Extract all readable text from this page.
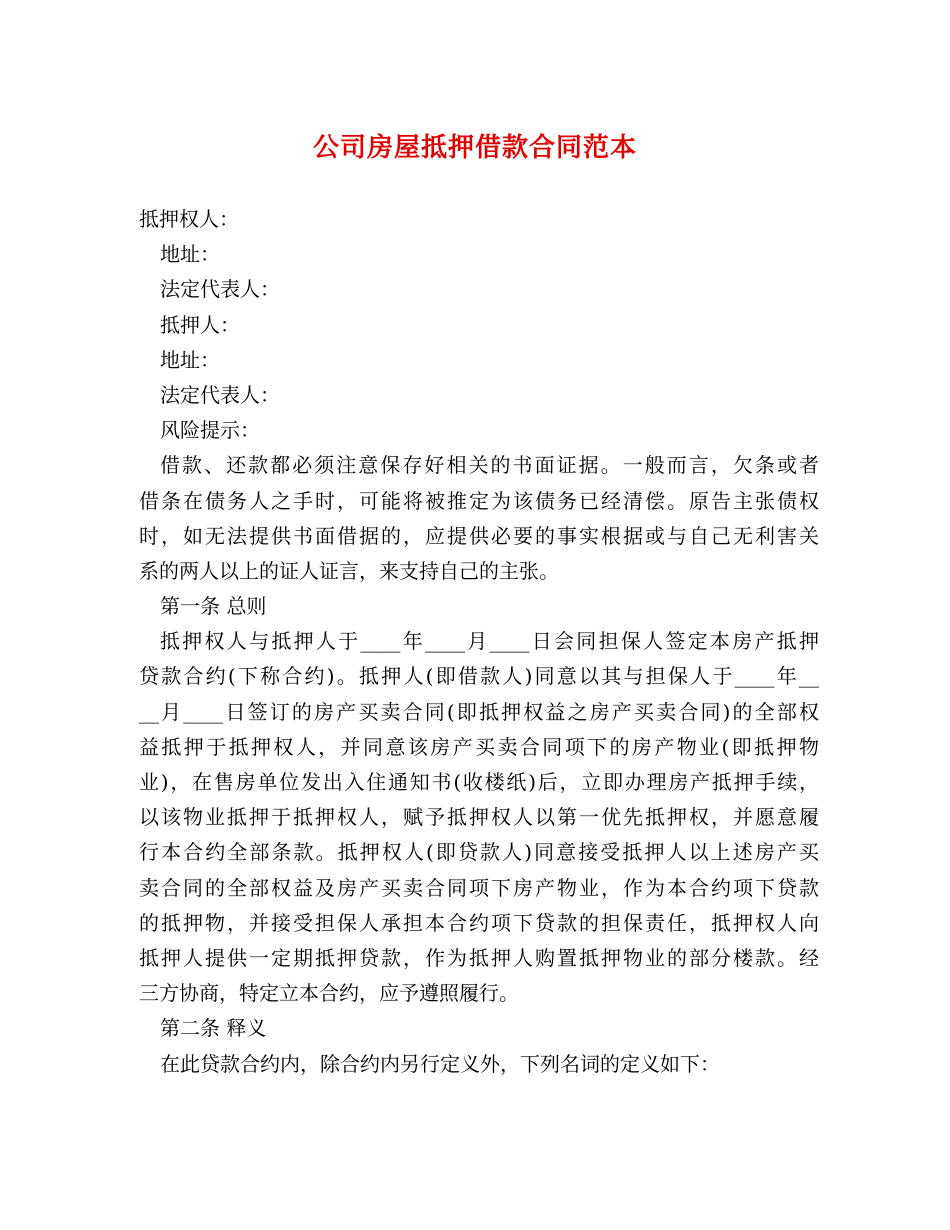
公司房屋抵押借款合同范本
抵押权人：
地址：
法定代表人：
抵押人：
地址：
法定代表人：
风险提示：
借款、还款都必须注意保存好相关的书面证据。一般而言，欠条或者
借条在债务人之手时，可能将被推定为该债务已经清偿。原告主张债权
时，如无法提供书面借据的，应提供必要的事实根据或与自己无利害关
系的两人以上的证人证言，来支持自己的主张。
第一条 总则
抵押权人与抵押人于____年____月____日会同担保人签定本房产抵押
贷款合约(下称合约)。抵押人(即借款人)同意以其与担保人于____年__
__月____日签订的房产买卖合同(即抵押权益之房产买卖合同)的全部权
益抵押于抵押权人，并同意该房产买卖合同项下的房产物业(即抵押物
业)，在售房单位发出入住通知书(收楼纸)后，立即办理房产抵押手续，
以该物业抵押于抵押权人，赋予抵押权人以第一优先抵押权，并愿意履
行本合约全部条款。抵押权人(即贷款人)同意接受抵押人以上述房产买
卖合同的全部权益及房产买卖合同项下房产物业，作为本合约项下贷款
的抵押物，并接受担保人承担本合约项下贷款的担保责任，抵押权人向
抵押人提供一定期抵押贷款，作为抵押人购置抵押物业的部分楼款。经
三方协商，特定立本合约，应予遵照履行。
第二条 释义
在此贷款合约内，除合约内另行定义外，下列名词的定义如下：
